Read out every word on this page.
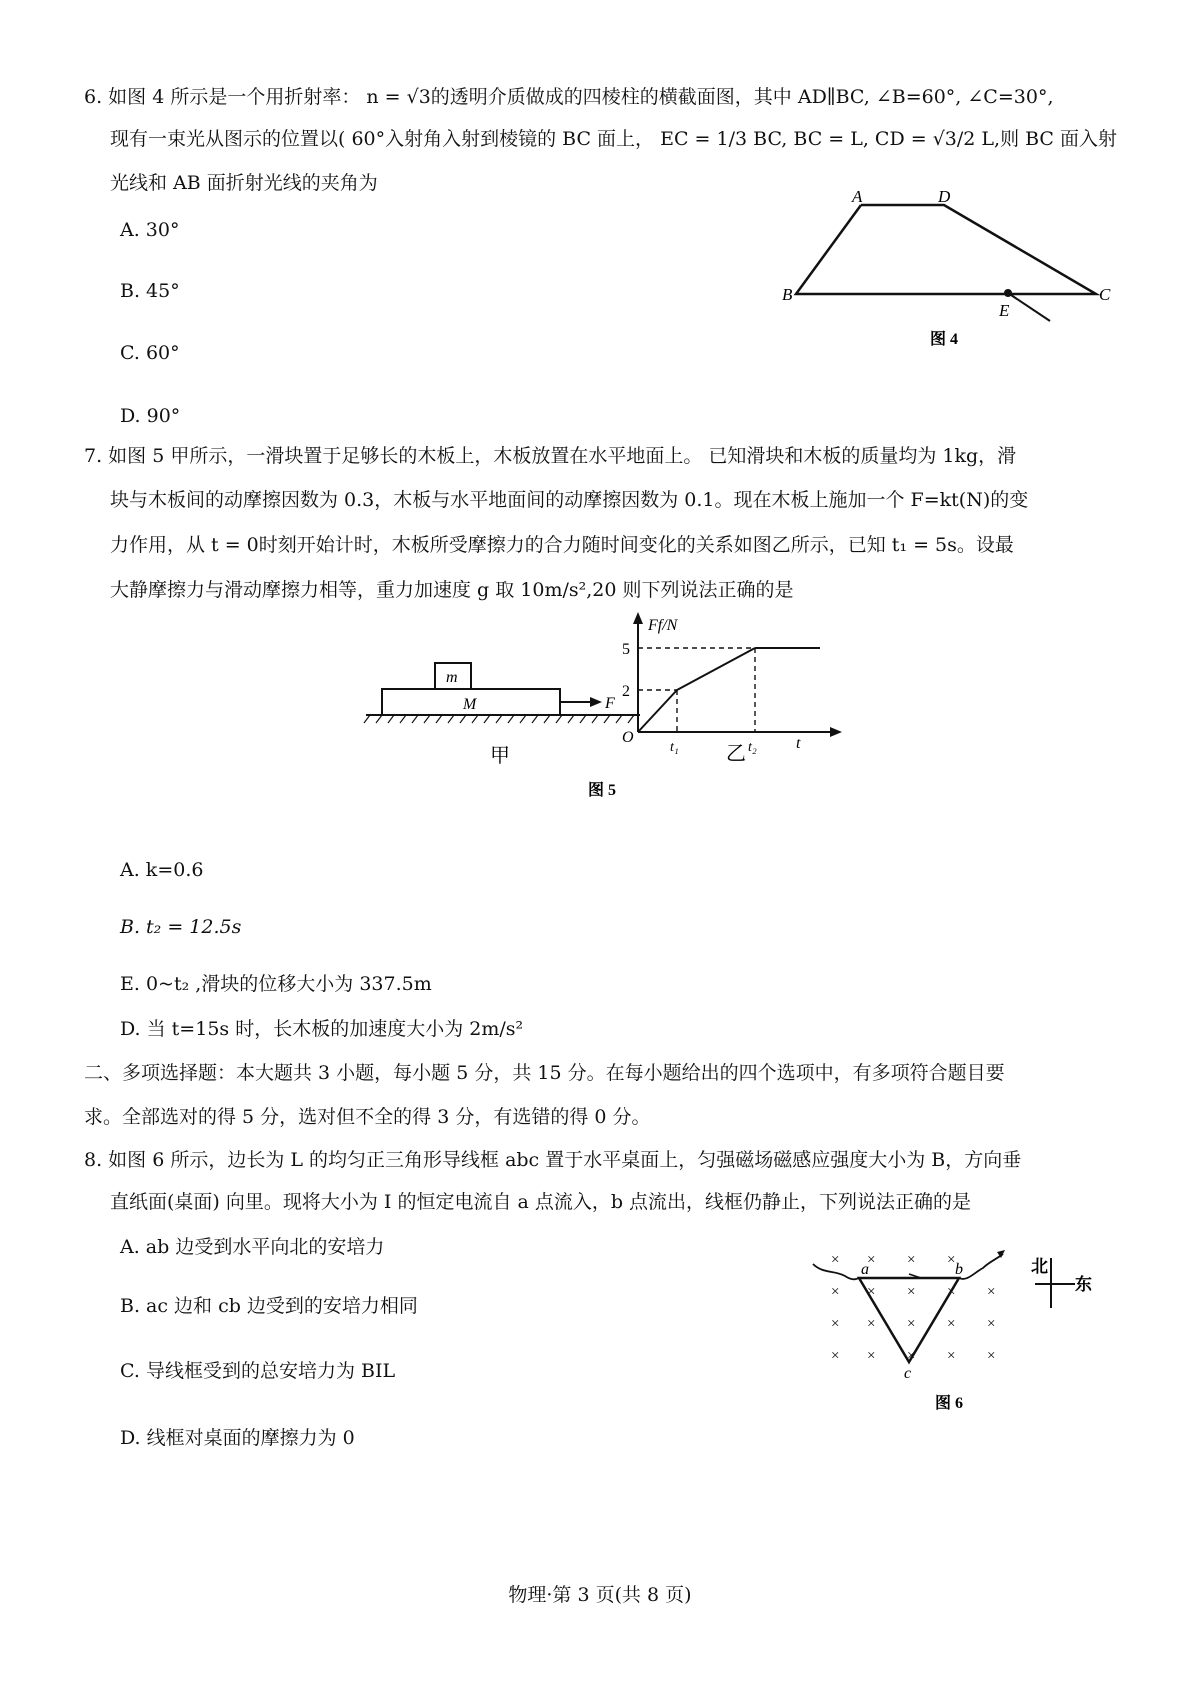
6. 如图 4 所示是一个用折射率： n = √3的透明介质做成的四棱柱的横截面图，其中 AD∥BC, ∠B=60°, ∠C=30°,
现有一束光从图示的位置以( 60°入射角入射到棱镜的 BC 面上， EC = 1/3 BC, BC = L, CD = √3/2 L,则 BC 面入射
光线和 AB 面折射光线的夹角为
A. 30°
B. 45°
C. 60°
D. 90°
A	D
B	C
E
图 4
7. 如图 5 甲所示，一滑块置于足够长的木板上，木板放置在水平地面上。 已知滑块和木板的质量均为 1kg，滑
块与木板间的动摩擦因数为 0.3，木板与水平地面间的动摩擦因数为 0.1。现在木板上施加一个 F=kt(N)的变
力作用，从 t = 0时刻开始计时，木板所受摩擦力的合力随时间变化的关系如图乙所示，已知 t₁ = 5s。设最
大静摩擦力与滑动摩擦力相等，重力加速度 g 取 10m/s²,20 则下列说法正确的是
m
M	F
甲
Ff/N
2
5
O
t₁	t₂ t
乙
图 5
A. k=0.6
B. t₂ = 12.5s
E. 0~t₂ ,滑块的位移大小为 337.5m
D. 当 t=15s 时，长木板的加速度大小为 2m/s²
二、多项选择题：本大题共 3 小题，每小题 5 分，共 15 分。在每小题给出的四个选项中，有多项符合题目要
求。全部选对的得 5 分，选对但不全的得 3 分，有选错的得 0 分。
8. 如图 6 所示，边长为 L 的均匀正三角形导线框 abc 置于水平桌面上，匀强磁场磁感应强度大小为 B，方向垂
直纸面(桌面) 向里。现将大小为 I 的恒定电流自 a 点流入，b 点流出，线框仍静止，下列说法正确的是
A. ab 边受到水平向北的安培力
B. ac 边和 cb 边受到的安培力相同
C. 导线框受到的总安培力为 BIL
D. 线框对桌面的摩擦力为 0
× × × ×
× × × × ×
× × × × ×
× × × × ×
a	b
c
北
东
图 6
物理·第 3 页(共 8 页)
